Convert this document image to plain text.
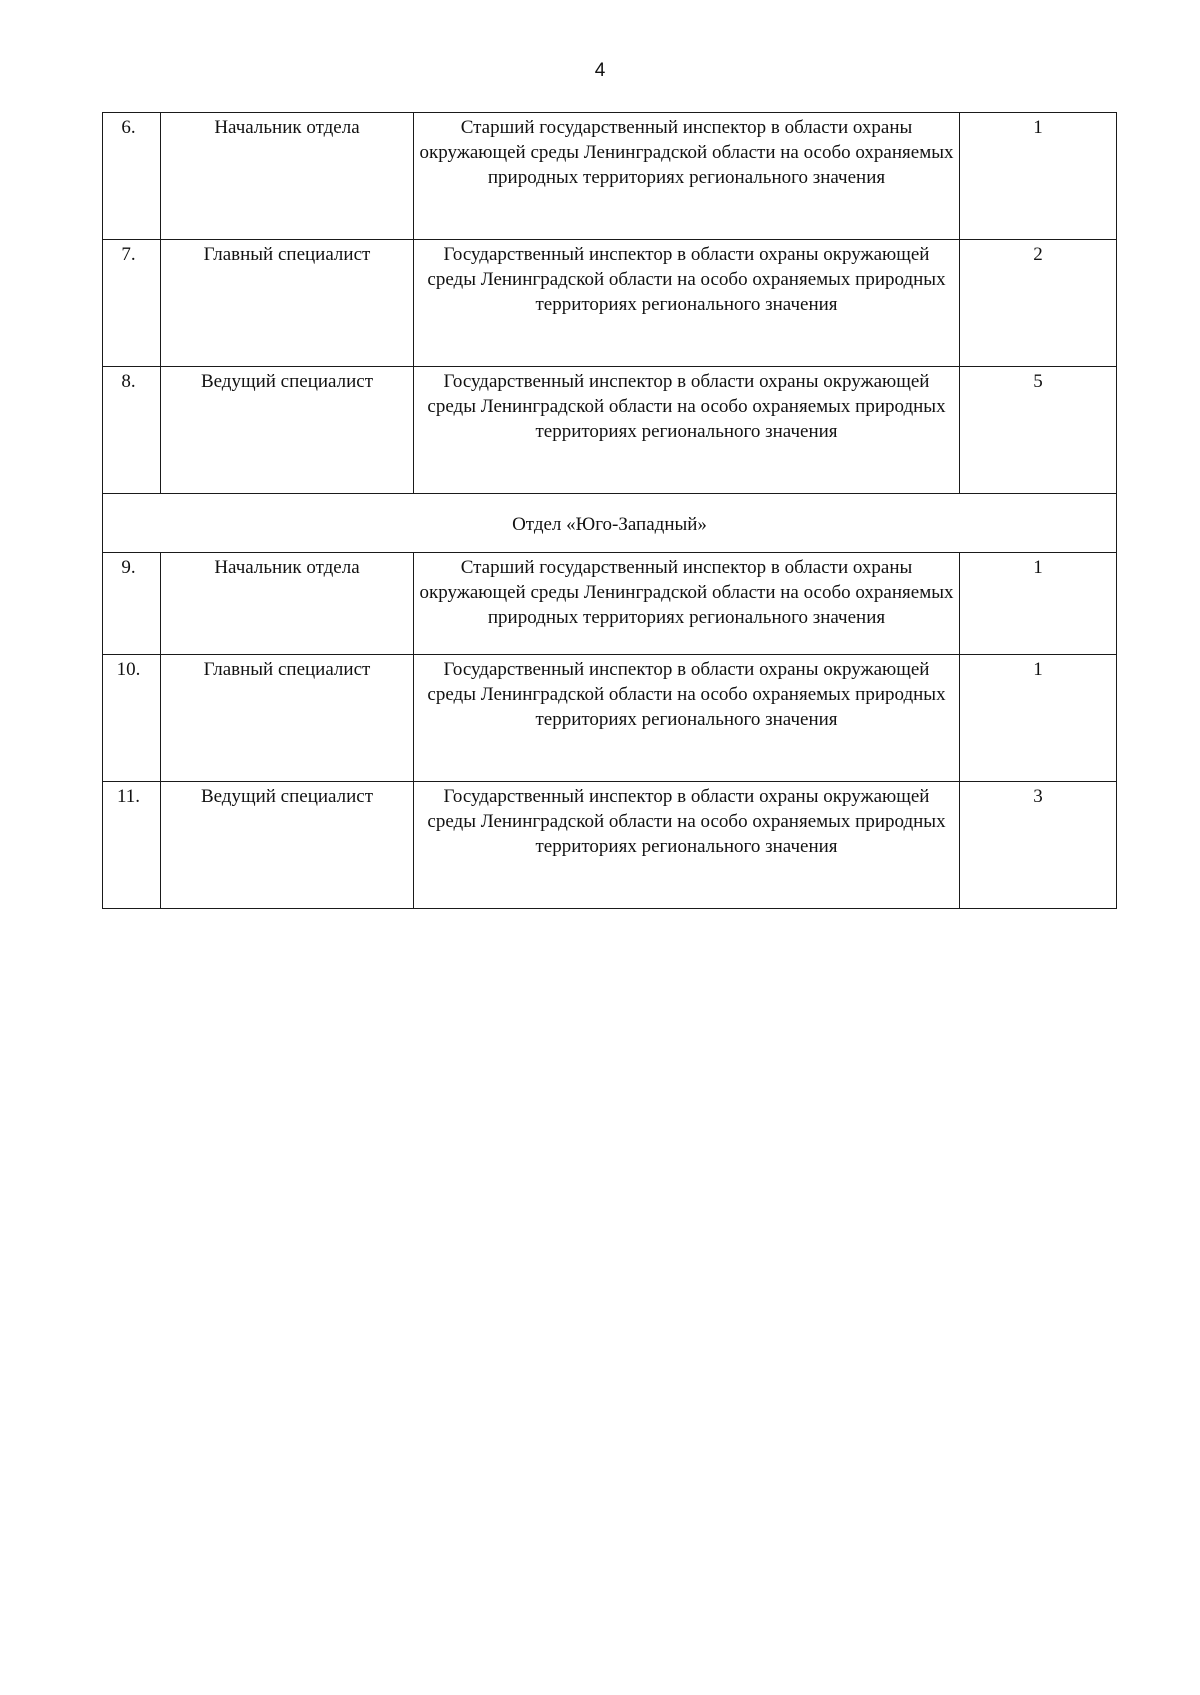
4
6.	Начальник отдела	Старший государственный инспектор в области охраны окружающей среды Ленинградской области на особо охраняемых природных территориях регионального значения	1
7.	Главный специалист	Государственный инспектор в области охраны окружающей среды Ленинградской области на особо охраняемых природных территориях регионального значения	2
8.	Ведущий специалист	Государственный инспектор в области охраны окружающей среды Ленинградской области на особо охраняемых природных территориях регионального значения	5
Отдел «Юго-Западный»			
9.	Начальник отдела	Старший государственный инспектор в области охраны окружающей среды Ленинградской области на особо охраняемых природных территориях регионального значения	1
10.	Главный специалист	Государственный инспектор в области охраны окружающей среды Ленинградской области на особо охраняемых природных территориях регионального значения	1
11.	Ведущий специалист	Государственный инспектор в области охраны окружающей среды Ленинградской области на особо охраняемых природных территориях регионального значения	3
